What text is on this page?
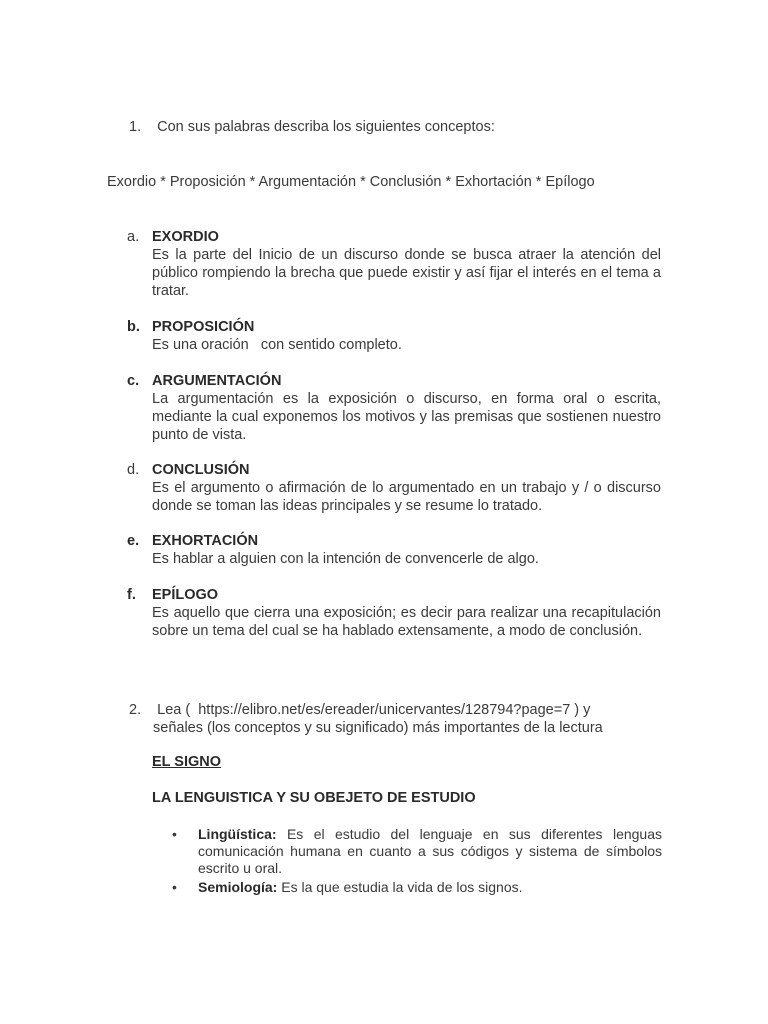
1. Con sus palabras describa los siguientes conceptos:
Exordio * Proposición * Argumentación * Conclusión * Exhortación * Epílogo
a. EXORDIO
Es la parte del Inicio de un discurso donde se busca atraer la atención del público rompiendo la brecha que puede existir y así fijar el interés en el tema a tratar.
b. PROPOSICIÓN
Es una oración   con sentido completo.
c. ARGUMENTACIÓN
La argumentación es la exposición o discurso, en forma oral o escrita, mediante la cual exponemos los motivos y las premisas que sostienen nuestro punto de vista.
d. CONCLUSIÓN
Es el argumento o afirmación de lo argumentado en un trabajo y / o discurso donde se toman las ideas principales y se resume lo tratado.
e. EXHORTACIÓN
Es hablar a alguien con la intención de convencerle de algo.
f.	EPÍLOGO
Es aquello que cierra una exposición; es decir para realizar una recapitulación sobre un tema del cual se ha hablado extensamente, a modo de conclusión.
2. Lea (  https://elibro.net/es/ereader/unicervantes/128794?page=7 ) y
señales (los conceptos y su significado) más importantes de la lectura
EL SIGNO
LA LENGUISTICA Y SU OBEJETO DE ESTUDIO
• Lingüística: Es el estudio del lenguaje en sus diferentes lenguas comunicación humana en cuanto a sus códigos y sistema de símbolos escrito u oral.
• Semiología: Es la que estudia la vida de los signos.
